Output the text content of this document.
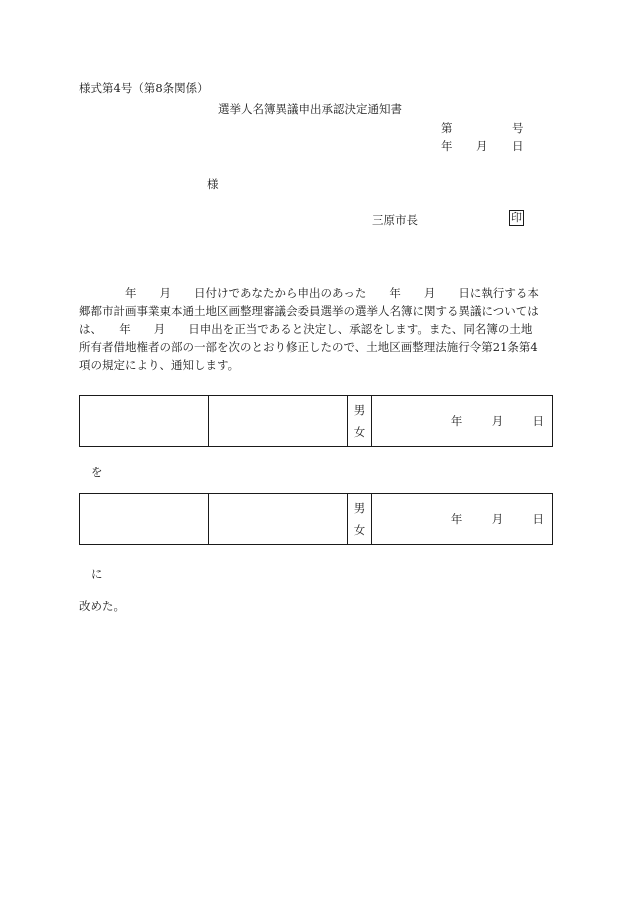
様式第4号（第8条関係）
選挙人名簿異議申出承認決定通知書
第	号
年 月 日
様
三原市長	印
　　　　年　　月　　日付けであなたから申出のあった　　年　　月　　日に執行する本
郷都市計画事業東本通土地区画整理審議会委員選挙の選挙人名簿に関する異議については
は、　　年　　月　　日申出を正当であると決定し、承認をします。また、同名簿の土地
所有者借地権者の部の一部を次のとおり修正したので、土地区画整理法施行令第21条第4
項の規定により、通知します。

男
女
	年	月	日
を

男
女
	年	月	日
に
改めた。
